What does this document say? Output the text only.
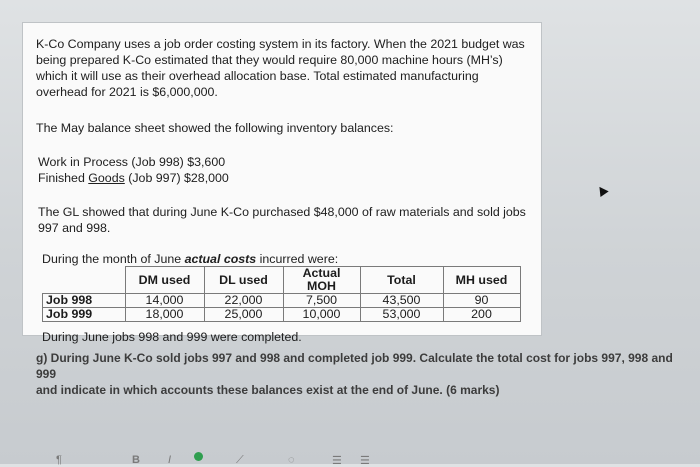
K-Co Company uses a job order costing system in its factory. When the 2021 budget was
being prepared K-Co estimated that they would require 80,000 machine hours (MH’s)
which it will use as their overhead allocation base. Total estimated manufacturing
overhead for 2021 is $6,000,000.
The May balance sheet showed the following inventory balances:
Work in Process (Job 998) $3,600
Finished Goods (Job 997) $28,000
The GL showed that during June K-Co purchased $48,000 of raw materials and sold jobs
997 and 998.
During the month of June actual costs incurred were:
	DM used	DL used	Actual MOH	Total	MH used
Job 998	14,000	22,000	7,500	43,500	90
Job 999	18,000	25,000	10,000	53,000	200
During June jobs 998 and 999 were completed.
g) During June K-Co sold jobs 997 and 998 and completed job 999. Calculate the total cost for jobs 997, 998 and 999
and indicate in which accounts these balances exist at the end of June. (6 marks)
¶	B	I	⟋	◌	☰ ☰
